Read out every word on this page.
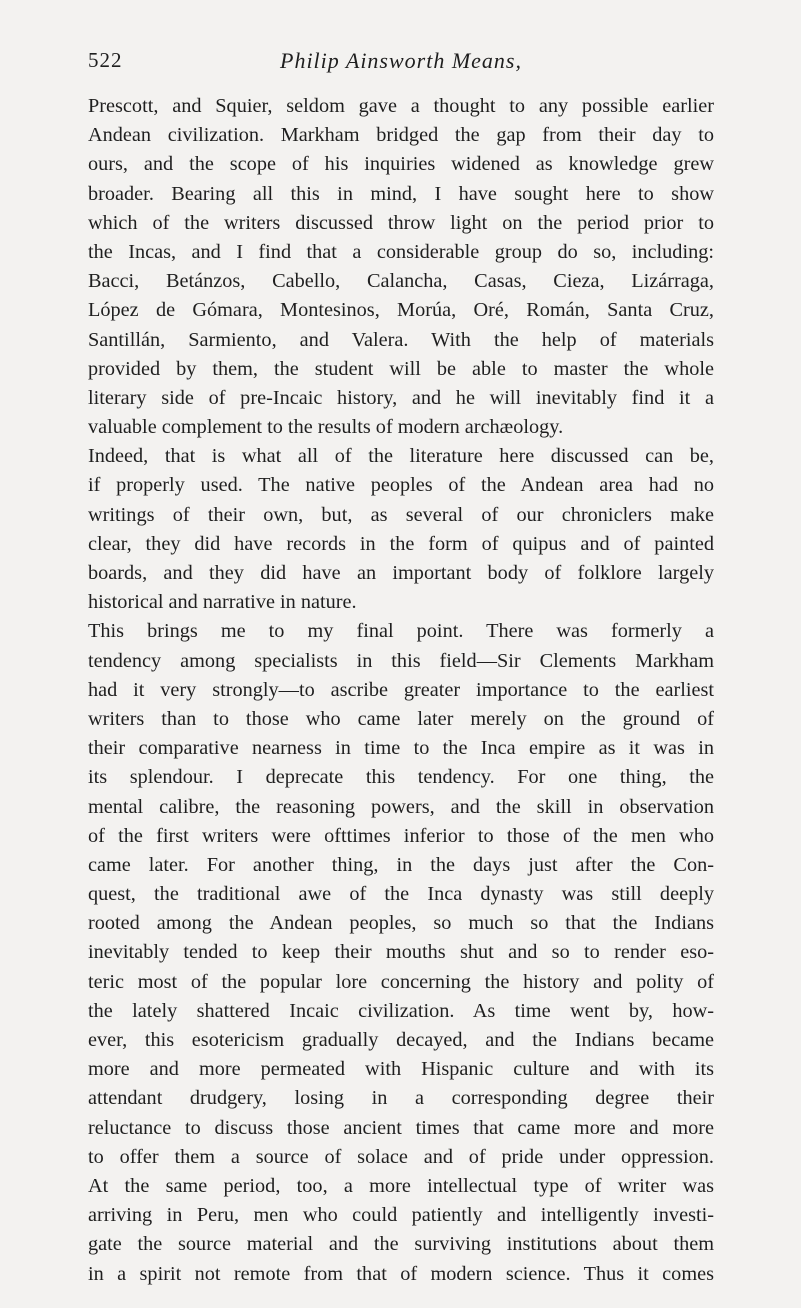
522	Philip Ainsworth Means,
Prescott, and Squier, seldom gave a thought to any possible earlier
Andean civilization. Markham bridged the gap from their day to
ours, and the scope of his inquiries widened as knowledge grew
broader. Bearing all this in mind, I have sought here to show
which of the writers discussed throw light on the period prior to
the Incas, and I find that a considerable group do so, including:
Bacci, Betánzos, Cabello, Calancha, Casas, Cieza, Lizárraga,
López de Gómara, Montesinos, Morúa, Oré, Román, Santa Cruz,
Santillán, Sarmiento, and Valera. With the help of materials
provided by them, the student will be able to master the whole
literary side of pre-Incaic history, and he will inevitably find it a
valuable complement to the results of modern archæology.
Indeed, that is what all of the literature here discussed can be,
if properly used. The native peoples of the Andean area had no
writings of their own, but, as several of our chroniclers make
clear, they did have records in the form of quipus and of painted
boards, and they did have an important body of folklore largely
historical and narrative in nature.
This brings me to my final point. There was formerly a
tendency among specialists in this field—Sir Clements Markham
had it very strongly—to ascribe greater importance to the earliest
writers than to those who came later merely on the ground of
their comparative nearness in time to the Inca empire as it was in
its splendour. I deprecate this tendency. For one thing, the
mental calibre, the reasoning powers, and the skill in observation
of the first writers were ofttimes inferior to those of the men who
came later. For another thing, in the days just after the Con-
quest, the traditional awe of the Inca dynasty was still deeply
rooted among the Andean peoples, so much so that the Indians
inevitably tended to keep their mouths shut and so to render eso-
teric most of the popular lore concerning the history and polity of
the lately shattered Incaic civilization. As time went by, how-
ever, this esotericism gradually decayed, and the Indians became
more and more permeated with Hispanic culture and with its
attendant drudgery, losing in a corresponding degree their
reluctance to discuss those ancient times that came more and more
to offer them a source of solace and of pride under oppression.
At the same period, too, a more intellectual type of writer was
arriving in Peru, men who could patiently and intelligently investi-
gate the source material and the surviving institutions about them
in a spirit not remote from that of modern science. Thus it comes
